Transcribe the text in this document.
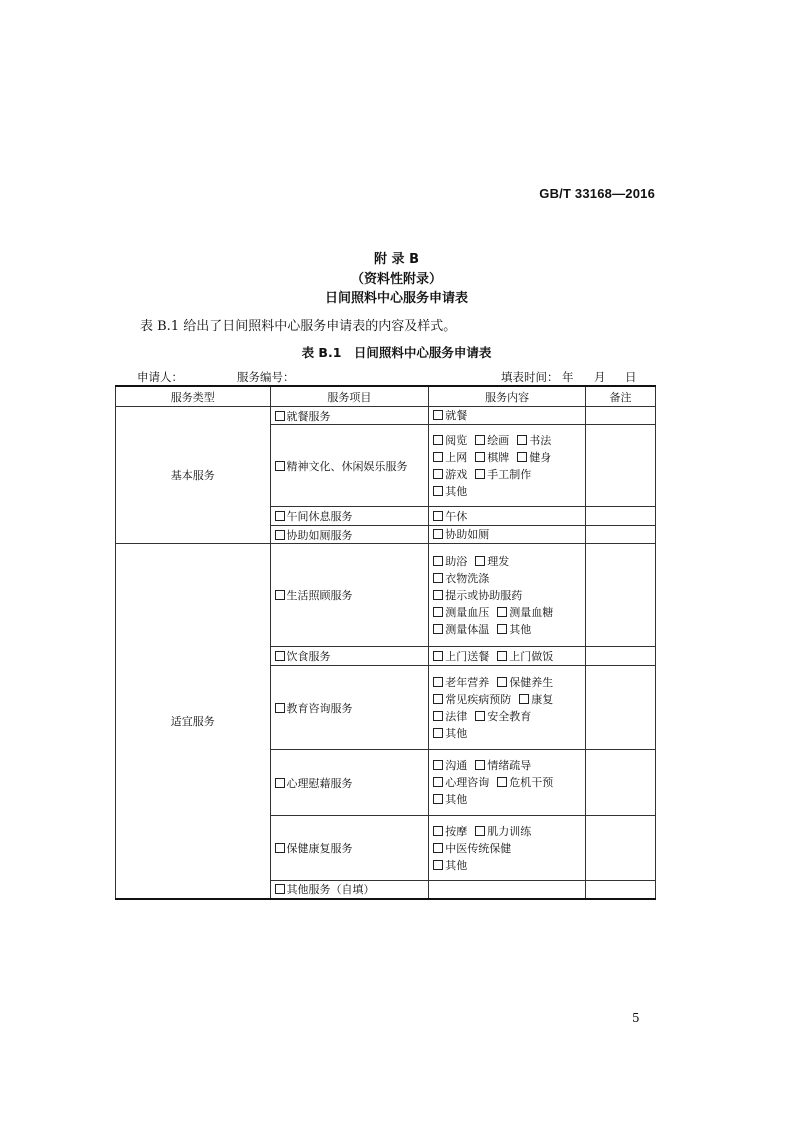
GB/T 33168—2016
附 录 B
（资料性附录）
日间照料中心服务申请表
表 B.1 给出了日间照料中心服务申请表的内容及样式。
表 B.1　日间照料中心服务申请表
申请人：	服务编号：	填表时间： 年 月 日
服务类型	服务项目	服务内容	备注
基本服务	就餐服务	就餐	

	精神文化、休闲娱乐服务	阅览 绘画 书法
上网 棋牌 健身
游戏 手工制作
其他	

	午间休息服务	午休	

	协助如厕服务	协助如厕	

适宜服务	生活照顾服务	助浴 理发
衣物洗涤
提示或协助服药
测量血压 测量血糖
测量体温 其他	

	饮食服务	上门送餐 上门做饭	

	教育咨询服务	老年营养 保健养生
常见疾病预防 康复
法律 安全教育
其他	

	心理慰藉服务	沟通 情绪疏导
心理咨询 危机干预
其他	

	保健康复服务	按摩 肌力训练
中医传统保健
其他	

	其他服务（自填）		
5
